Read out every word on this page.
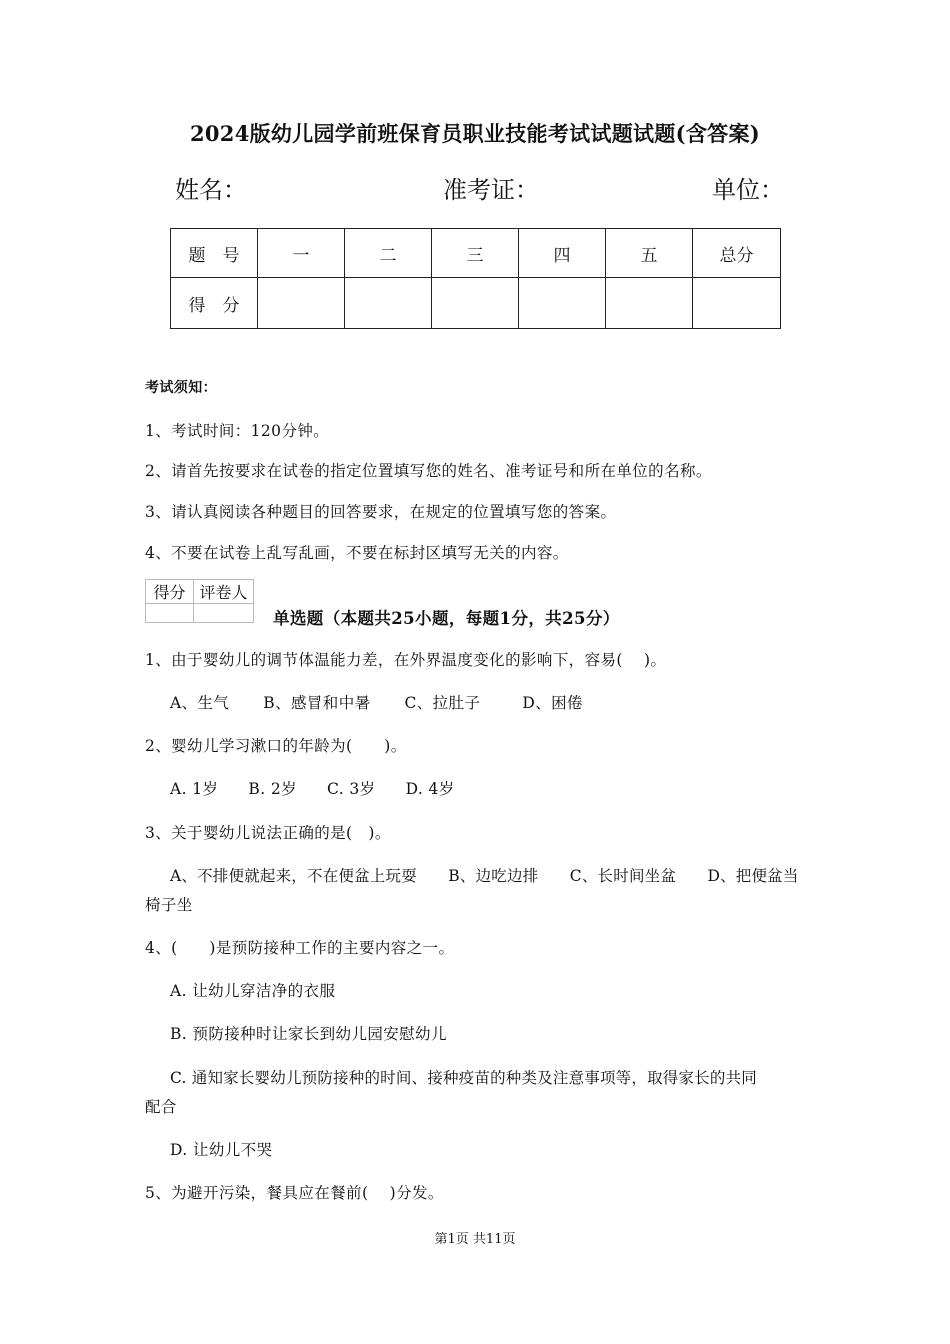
2024版幼儿园学前班保育员职业技能考试试题试题(含答案)
姓名：	准考证：	单位：
题　号	一	二	三	四	五	总分
得　分						
考试须知：
1、考试时间：120分钟。
2、请首先按要求在试卷的指定位置填写您的姓名、准考证号和所在单位的名称。
3、请认真阅读各种题目的回答要求，在规定的位置填写您的答案。
4、不要在试卷上乱写乱画，不要在标封区填写无关的内容。
得分	评卷人

单选题（本题共25小题，每题1分，共25分）
1、由于婴幼儿的调节体温能力差，在外界温度变化的影响下，容易(　 )。
A、生气 B、感冒和中暑 C、拉肚子	D、困倦
2、婴幼儿学习漱口的年龄为(　　)。
A. 1岁 B. 2岁 C. 3岁 D. 4岁
3、关于婴幼儿说法正确的是(　)。
A、不排便就起来，不在便盆上玩耍　　B、边吃边排　　C、长时间坐盆　　D、把便盆当
椅子坐
4、(　　)是预防接种工作的主要内容之一。
A. 让幼儿穿洁净的衣服
B. 预防接种时让家长到幼儿园安慰幼儿
C. 通知家长婴幼儿预防接种的时间、接种疫苗的种类及注意事项等，取得家长的共同
配合
D. 让幼儿不哭
5、为避开污染，餐具应在餐前(　 )分发。
第1页 共11页
